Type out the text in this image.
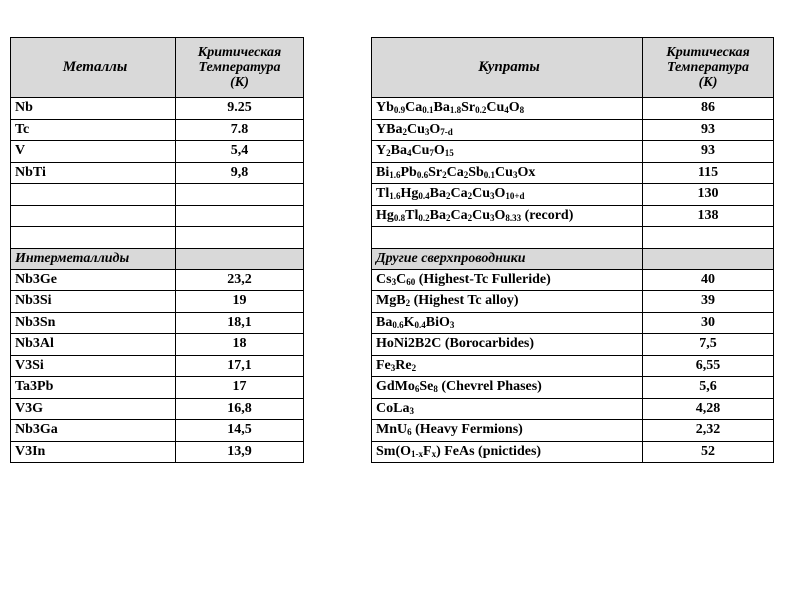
Металлы	Критическая
Температура
(К)

Nb	9.25
Tc	7.8
V	5,4
NbTi	9,8

Интерметаллиды	
Nb3Ge	23,2
Nb3Si	19
Nb3Sn	18,1
Nb3Al	18
V3Si	17,1
Ta3Pb	17
V3G	16,8
Nb3Ga	14,5
V3In	13,9
Купраты	Критическая
Температура
(К)

$Yb_{0.9}Ca_{0.1}Ba_{1.8}Sr_{0.2}Cu_4O_8$	86
$YBa_2Cu_3O_{7-d}$	93
$Y_2Ba_4Cu_7O_{15}$	93
$Bi_{1.6}Pb_{0.6}Sr_2Ca_2Sb_{0.1}Cu_3Ox$	115
$Tl_{1.6}Hg_{0.4}Ba_2Ca_2Cu_3O_{10+d}$	130
$Hg_{0.8}Tl_{0.2}Ba_2Ca_2Cu_3O_{8.33}$ (record)	138

Другие сверхпроводники	
$Cs_3C_{60}$ (Highest-Tc Fulleride)	40
MgB$_2$ (Highest Tc alloy)	39
$Ba_{0.6}K_{0.4}BiO_3$	30
HoNi2B2C (Borocarbides)	7,5
$Fe_3Re_2$	6,55
$GdMo_6Se_8$ (Chevrel Phases)	5,6
CoLa$_3$	4,28
MnU$_6$ (Heavy Fermions)	2,32
$Sm(O_{1-x}F_x)$ FeAs (pnictides)	52
